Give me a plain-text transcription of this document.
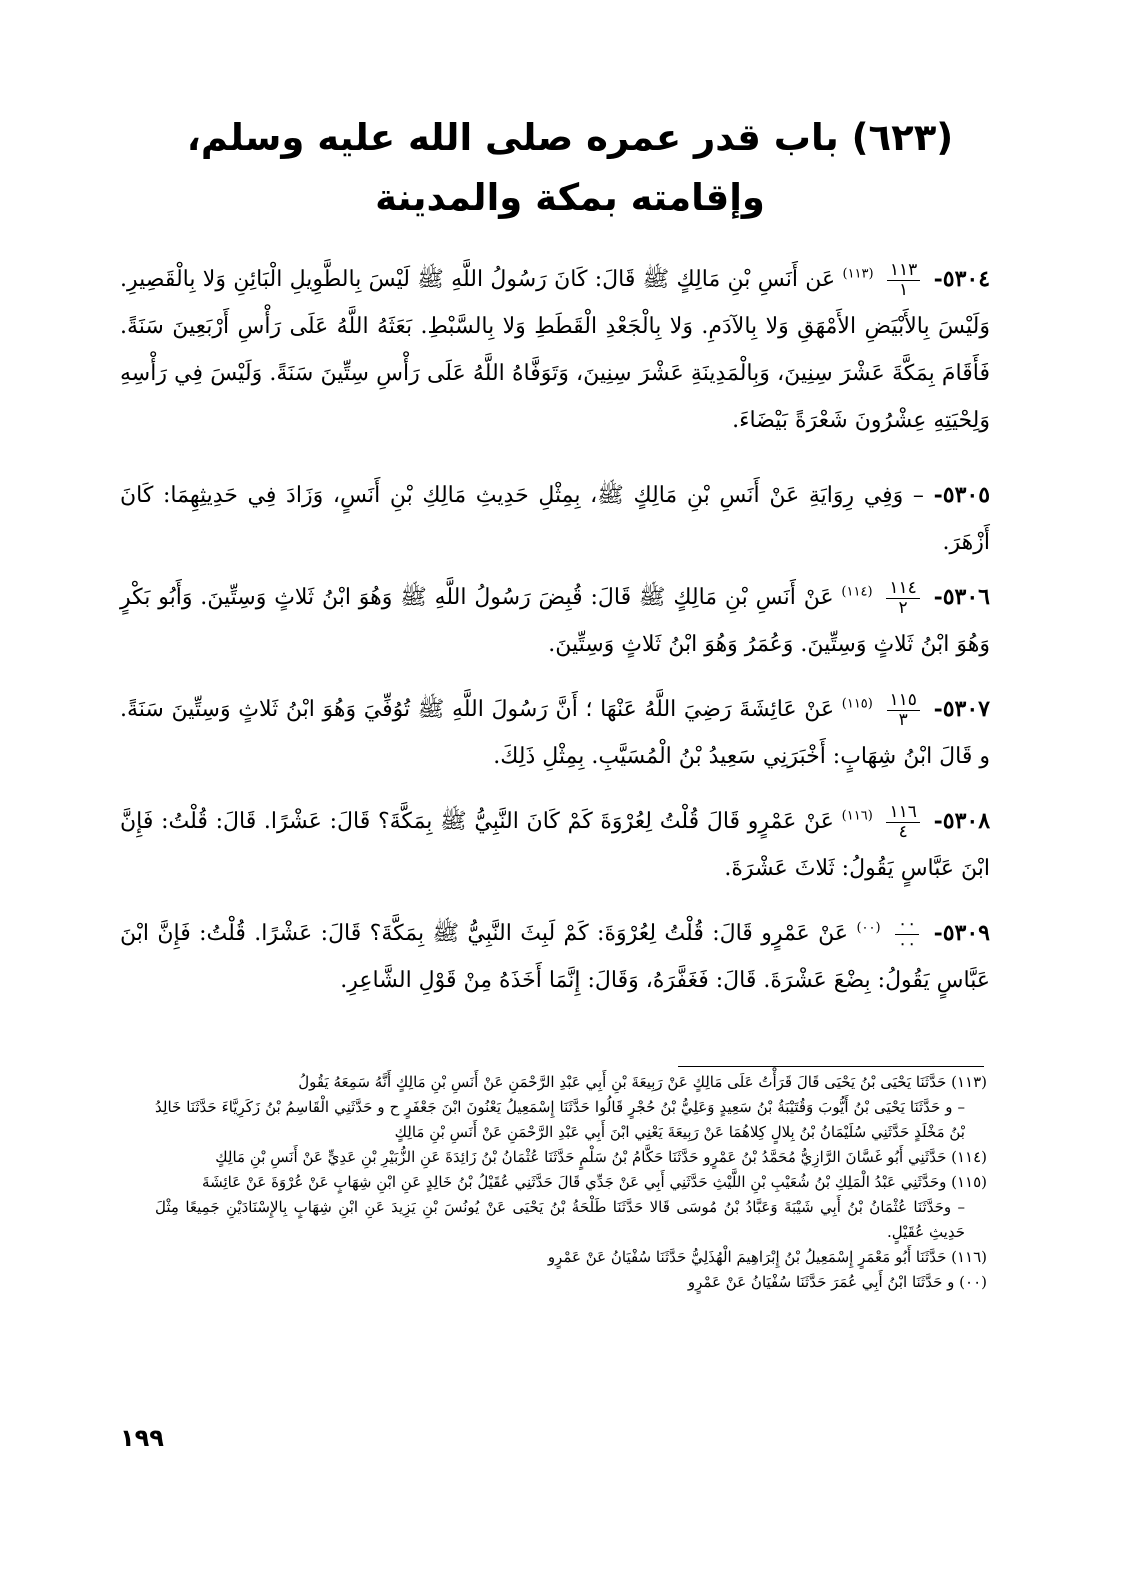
(٦٢٣) باب قدر عمره صلى الله عليه وسلم،
وإقامته بمكة والمدينة
٥٣٠٤-
$\frac{١١٣}{١}$
$^{(١١٣)}$ عَن أَنَسِ بْنِ مَالِكٍ ﷺ قَالَ: كَانَ رَسُولُ اللَّهِ ﷺ لَيْسَ بِالطَّوِيلِ الْبَائِنِ وَلا بِالْقَصِيرِ. وَلَيْسَ بِالأَبْيَضِ الأَمْهَقِ وَلا بِالآدَمِ. وَلا بِالْجَعْدِ الْقَطَطِ وَلا بِالسَّبْطِ. بَعَثَهُ اللَّهُ عَلَى رَأْسِ أَرْبَعِينَ سَنَةً. فَأَقَامَ بِمَكَّةَ عَشْرَ سِنِينَ، وَبِالْمَدِينَةِ عَشْرَ سِنِينَ، وَتَوَفَّاهُ اللَّهُ عَلَى رَأْسِ سِتِّينَ سَنَةً. وَلَيْسَ فِي رَأْسِهِ وَلِحْيَتِهِ عِشْرُونَ شَعْرَةً بَيْضَاءَ.
٥٣٠٥- – وَفِي رِوَايَةِ عَنْ أَنَسِ بْنِ مَالِكٍ ﷺ، بِمِثْلِ حَدِيثِ مَالِكِ بْنِ أَنَسٍ، وَزَادَ فِي حَدِيثِهِمَا: كَانَ أَزْهَرَ.
٥٣٠٦-
$\frac{١١٤}{٢}$
$^{(١١٤)}$ عَنْ أَنَسِ بْنِ مَالِكٍ ﷺ قَالَ: قُبِضَ رَسُولُ اللَّهِ ﷺ وَهُوَ ابْنُ ثَلاثٍ وَسِتِّينَ. وَأَبُو بَكْرٍ وَهُوَ ابْنُ ثَلاثٍ وَسِتِّينَ. وَعُمَرُ وَهُوَ ابْنُ ثَلاثٍ وَسِتِّينَ.
٥٣٠٧-
$\frac{١١٥}{٣}$
$^{(١١٥)}$ عَنْ عَائِشَةَ رَضِيَ اللَّهُ عَنْهَا ؛ أَنَّ رَسُولَ اللَّهِ ﷺ تُوُفِّيَ وَهُوَ ابْنُ ثَلاثٍ وَسِتِّينَ سَنَةً. و قَالَ ابْنُ شِهَابٍ: أَخْبَرَنِي سَعِيدُ بْنُ الْمُسَيَّبِ. بِمِثْلِ ذَلِكَ.
٥٣٠٨-
$\frac{١١٦}{٤}$
$^{(١١٦)}$ عَنْ عَمْرٍو قَالَ قُلْتُ لِعُرْوَةَ كَمْ كَانَ النَّبِيُّ ﷺ بِمَكَّةَ؟ قَالَ: عَشْرًا. قَالَ: قُلْتُ: فَإِنَّ ابْنَ عَبَّاسٍ يَقُولُ: ثَلاثَ عَشْرَةَ.
٥٣٠٩-
$\frac{٠٠}{٠٠}$
$^{(٠٠)}$ عَنْ عَمْرٍو قَالَ: قُلْتُ لِعُرْوَةَ: كَمْ لَبِثَ النَّبِيُّ ﷺ بِمَكَّةَ؟ قَالَ: عَشْرًا. قُلْتُ: فَإِنَّ ابْنَ عَبَّاسٍ يَقُولُ: بِضْعَ عَشْرَةَ. قَالَ: فَغَفَّرَهُ، وَقَالَ: إِنَّمَا أَخَذَهُ مِنْ قَوْلِ الشَّاعِرِ.

(١١٣) حَدَّثَنَا يَحْيَى بْنُ يَحْيَى قَالَ قَرَأْتُ عَلَى مَالِكٍ عَنْ رَبِيعَةَ بْنِ أَبِي عَبْدِ الرَّحْمَنِ عَنْ أَنَسِ بْنِ مَالِكٍ أَنَّهُ سَمِعَهُ يَقُولُ

– و حَدَّثَنَا يَحْيَى بْنُ أَيُّوبَ وَقُتَيْبَةُ بْنُ سَعِيدٍ وَعَلِيُّ بْنُ حُجْرٍ قَالُوا حَدَّثَنَا إِسْمَعِيلُ يَعْنُونَ ابْنَ جَعْفَرٍ ح و حَدَّثَنِي الْقَاسِمُ بْنُ زَكَرِيَّاءَ حَدَّثَنَا خَالِدُ بْنُ مَخْلَدٍ حَدَّثَنِي سُلَيْمَانُ بْنُ بِلالٍ كِلاهُمَا عَنْ رَبِيعَةَ يَعْنِي ابْنَ أَبِي عَبْدِ الرَّحْمَنِ عَنْ أَنَسِ بْنِ مَالِكٍ

(١١٤) حَدَّثَنِي أَبُو غَسَّانَ الرَّازِيُّ مُحَمَّدُ بْنُ عَمْرٍو حَدَّثَنَا حَكَّامُ بْنُ سَلْمٍ حَدَّثَنَا عُثْمَانُ بْنُ زَائِدَةَ عَنِ الزُّبَيْرِ بْنِ عَدِيٍّ عَنْ أَنَسِ بْنِ مَالِكٍ

(١١٥) وحَدَّثَنِي عَبْدُ الْمَلِكِ بْنُ شُعَيْبِ بْنِ اللَّيْثِ حَدَّثَنِي أَبِي عَنْ جَدِّي قَالَ حَدَّثَنِي عُقَيْلُ بْنُ خَالِدٍ عَنِ ابْنِ شِهَابٍ عَنْ عُرْوَةَ عَنْ عَائِشَةَ

– وحَدَّثَنَا عُثْمَانُ بْنُ أَبِي شَيْبَةَ وَعَبَّادُ بْنُ مُوسَى قَالا حَدَّثَنَا طَلْحَةُ بْنُ يَحْيَى عَنْ يُونُسَ بْنِ يَزِيدَ عَنِ ابْنِ شِهَابٍ بِالإِسْنَادَيْنِ جَمِيعًا مِثْلَ حَدِيثِ عُقَيْلٍ.

(١١٦) حَدَّثَنَا أَبُو مَعْمَرٍ إِسْمَعِيلُ بْنُ إِبْرَاهِيمَ الْهُذَلِيُّ حَدَّثَنَا سُفْيَانُ عَنْ عَمْرٍو

(٠٠) و حَدَّثَنَا ابْنُ أَبِي عُمَرَ حَدَّثَنَا سُفْيَانُ عَنْ عَمْرٍو

١٩٩
